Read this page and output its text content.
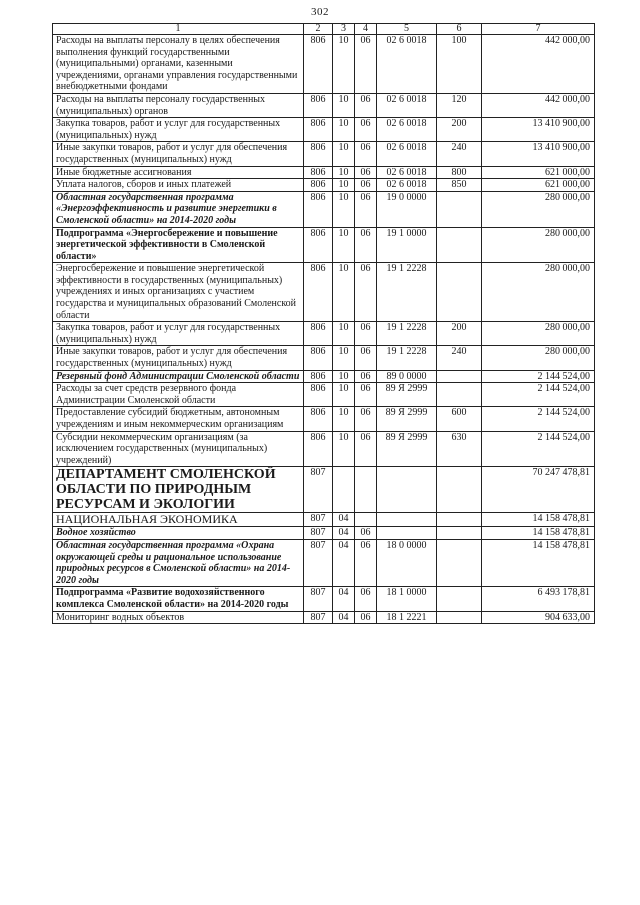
302
1	2	3	4	5	6	7
Расходы на выплаты персоналу в целях обеспечения выполнения функций государственными (муниципальными) органами, казенными учреждениями, органами управления государственными внебюджетными фондами	806	10	06	02 6 0018	100	442 000,00
Расходы на выплаты персоналу государственных (муниципальных) органов	806	10	06	02 6 0018	120	442 000,00
Закупка товаров, работ и услуг для государственных (муниципальных) нужд	806	10	06	02 6 0018	200	13 410 900,00
Иные закупки товаров, работ и услуг для обеспечения государственных (муниципальных) нужд	806	10	06	02 6 0018	240	13 410 900,00
Иные бюджетные ассигнования	806	10	06	02 6 0018	800	621 000,00
Уплата налогов, сборов и иных платежей	806	10	06	02 6 0018	850	621 000,00
Областная государственная программа «Энергоэффективность и развитие энергетики в Смоленской области» на 2014-2020 годы	806	10	06	19 0 0000		280 000,00
Подпрограмма «Энергосбережение и повышение энергетической эффективности в Смоленской области»	806	10	06	19 1 0000		280 000,00
Энергосбережение и повышение энергетической эффективности в государственных (муниципальных) учреждениях и иных организациях с участием государства и муниципальных образований Смоленской области	806	10	06	19 1 2228		280 000,00
Закупка товаров, работ и услуг для государственных (муниципальных) нужд	806	10	06	19 1 2228	200	280 000,00
Иные закупки товаров, работ и услуг для обеспечения государственных (муниципальных) нужд	806	10	06	19 1 2228	240	280 000,00
Резервный фонд Администрации Смоленской области	806	10	06	89 0 0000		2 144 524,00
Расходы за счет средств резервного фонда Администрации Смоленской области	806	10	06	89 Я 2999		2 144 524,00
Предоставление субсидий бюджетным, автономным учреждениям и иным некоммерческим организациям	806	10	06	89 Я 2999	600	2 144 524,00
Субсидии некоммерческим организациям (за исключением государственных (муниципальных) учреждений)	806	10	06	89 Я 2999	630	2 144 524,00
ДЕПАРТАМЕНТ СМОЛЕНСКОЙ ОБЛАСТИ ПО ПРИРОДНЫМ РЕСУРСАМ И ЭКОЛОГИИ	807					70 247 478,81
НАЦИОНАЛЬНАЯ ЭКОНОМИКА	807	04				14 158 478,81
Водное хозяйство	807	04	06			14 158 478,81
Областная государственная программа «Охрана окружающей среды и рациональное использование природных ресурсов в Смоленской области» на 2014-2020 годы	807	04	06	18 0 0000		14 158 478,81
Подпрограмма «Развитие водохозяйственного комплекса Смоленской области» на 2014-2020 годы	807	04	06	18 1 0000		6 493 178,81
Мониторинг водных объектов	807	04	06	18 1 2221		904 633,00
